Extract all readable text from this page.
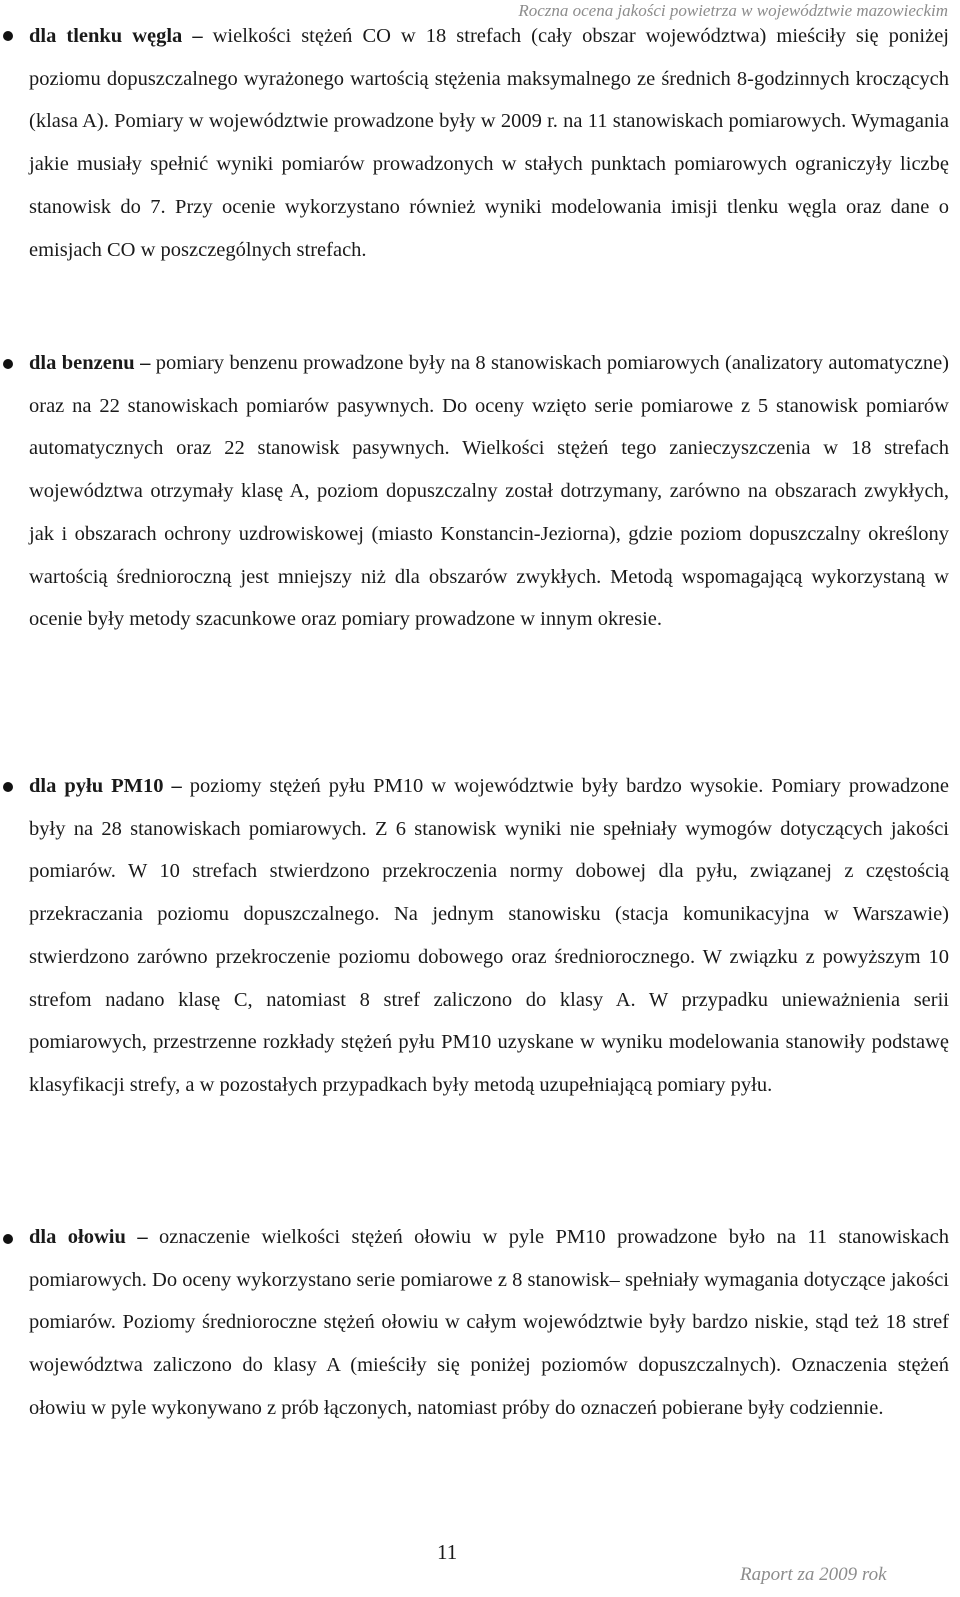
Roczna ocena jakości powietrza w województwie mazowieckim

dla tlenku węgla – wielkości stężeń CO w 18 strefach (cały obszar województwa) mieściły się poniżej poziomu dopuszczalnego wyrażonego wartością stężenia maksymalnego ze średnich 8-godzinnych kroczących (klasa A). Pomiary w województwie prowadzone były w 2009 r. na 11 stanowiskach pomiarowych. Wymagania jakie musiały spełnić wyniki pomiarów prowadzonych w stałych punktach pomiarowych ograniczyły liczbę stanowisk do 7. Przy ocenie wykorzystano również wyniki modelowania imisji tlenku węgla oraz dane o emisjach CO w poszczególnych strefach.

dla benzenu – pomiary benzenu prowadzone były na 8 stanowiskach pomiarowych (analizatory automatyczne) oraz na 22 stanowiskach pomiarów pasywnych. Do oceny wzięto serie pomiarowe z 5 stanowisk pomiarów automatycznych oraz 22 stanowisk pasywnych. Wielkości stężeń tego zanieczyszczenia w 18 strefach województwa otrzymały klasę A, poziom dopuszczalny został dotrzymany, zarówno na obszarach zwykłych, jak i obszarach ochrony uzdrowiskowej (miasto Konstancin-Jeziorna), gdzie poziom dopuszczalny określony wartością średnioroczną jest mniejszy niż dla obszarów zwykłych. Metodą wspomagającą wykorzystaną w ocenie były metody szacunkowe oraz pomiary prowadzone w innym okresie.

dla pyłu PM10 – poziomy stężeń pyłu PM10 w województwie były bardzo wysokie. Pomiary prowadzone były na 28 stanowiskach pomiarowych. Z 6 stanowisk wyniki nie spełniały wymogów dotyczących jakości pomiarów. W 10 strefach stwierdzono przekroczenia normy dobowej dla pyłu, związanej z częstością przekraczania poziomu dopuszczalnego. Na jednym stanowisku (stacja komunikacyjna w Warszawie) stwierdzono zarówno przekroczenie poziomu dobowego oraz średniorocznego. W związku z powyższym 10 strefom nadano klasę C, natomiast 8 stref zaliczono do klasy A. W przypadku unieważnienia serii pomiarowych, przestrzenne rozkłady stężeń pyłu PM10 uzyskane w wyniku modelowania stanowiły podstawę klasyfikacji strefy, a w pozostałych przypadkach były metodą uzupełniającą pomiary pyłu.

dla ołowiu – oznaczenie wielkości stężeń ołowiu w pyle PM10 prowadzone było na 11 stanowiskach pomiarowych. Do oceny wykorzystano serie pomiarowe z 8 stanowisk– spełniały wymagania dotyczące jakości pomiarów. Poziomy średnioroczne stężeń ołowiu w całym województwie były bardzo niskie, stąd też 18 stref województwa zaliczono do klasy A (mieściły się poniżej poziomów dopuszczalnych). Oznaczenia stężeń ołowiu w pyle wykonywano z prób łączonych, natomiast próby do oznaczeń pobierane były codziennie.

11
Raport za 2009 rok
